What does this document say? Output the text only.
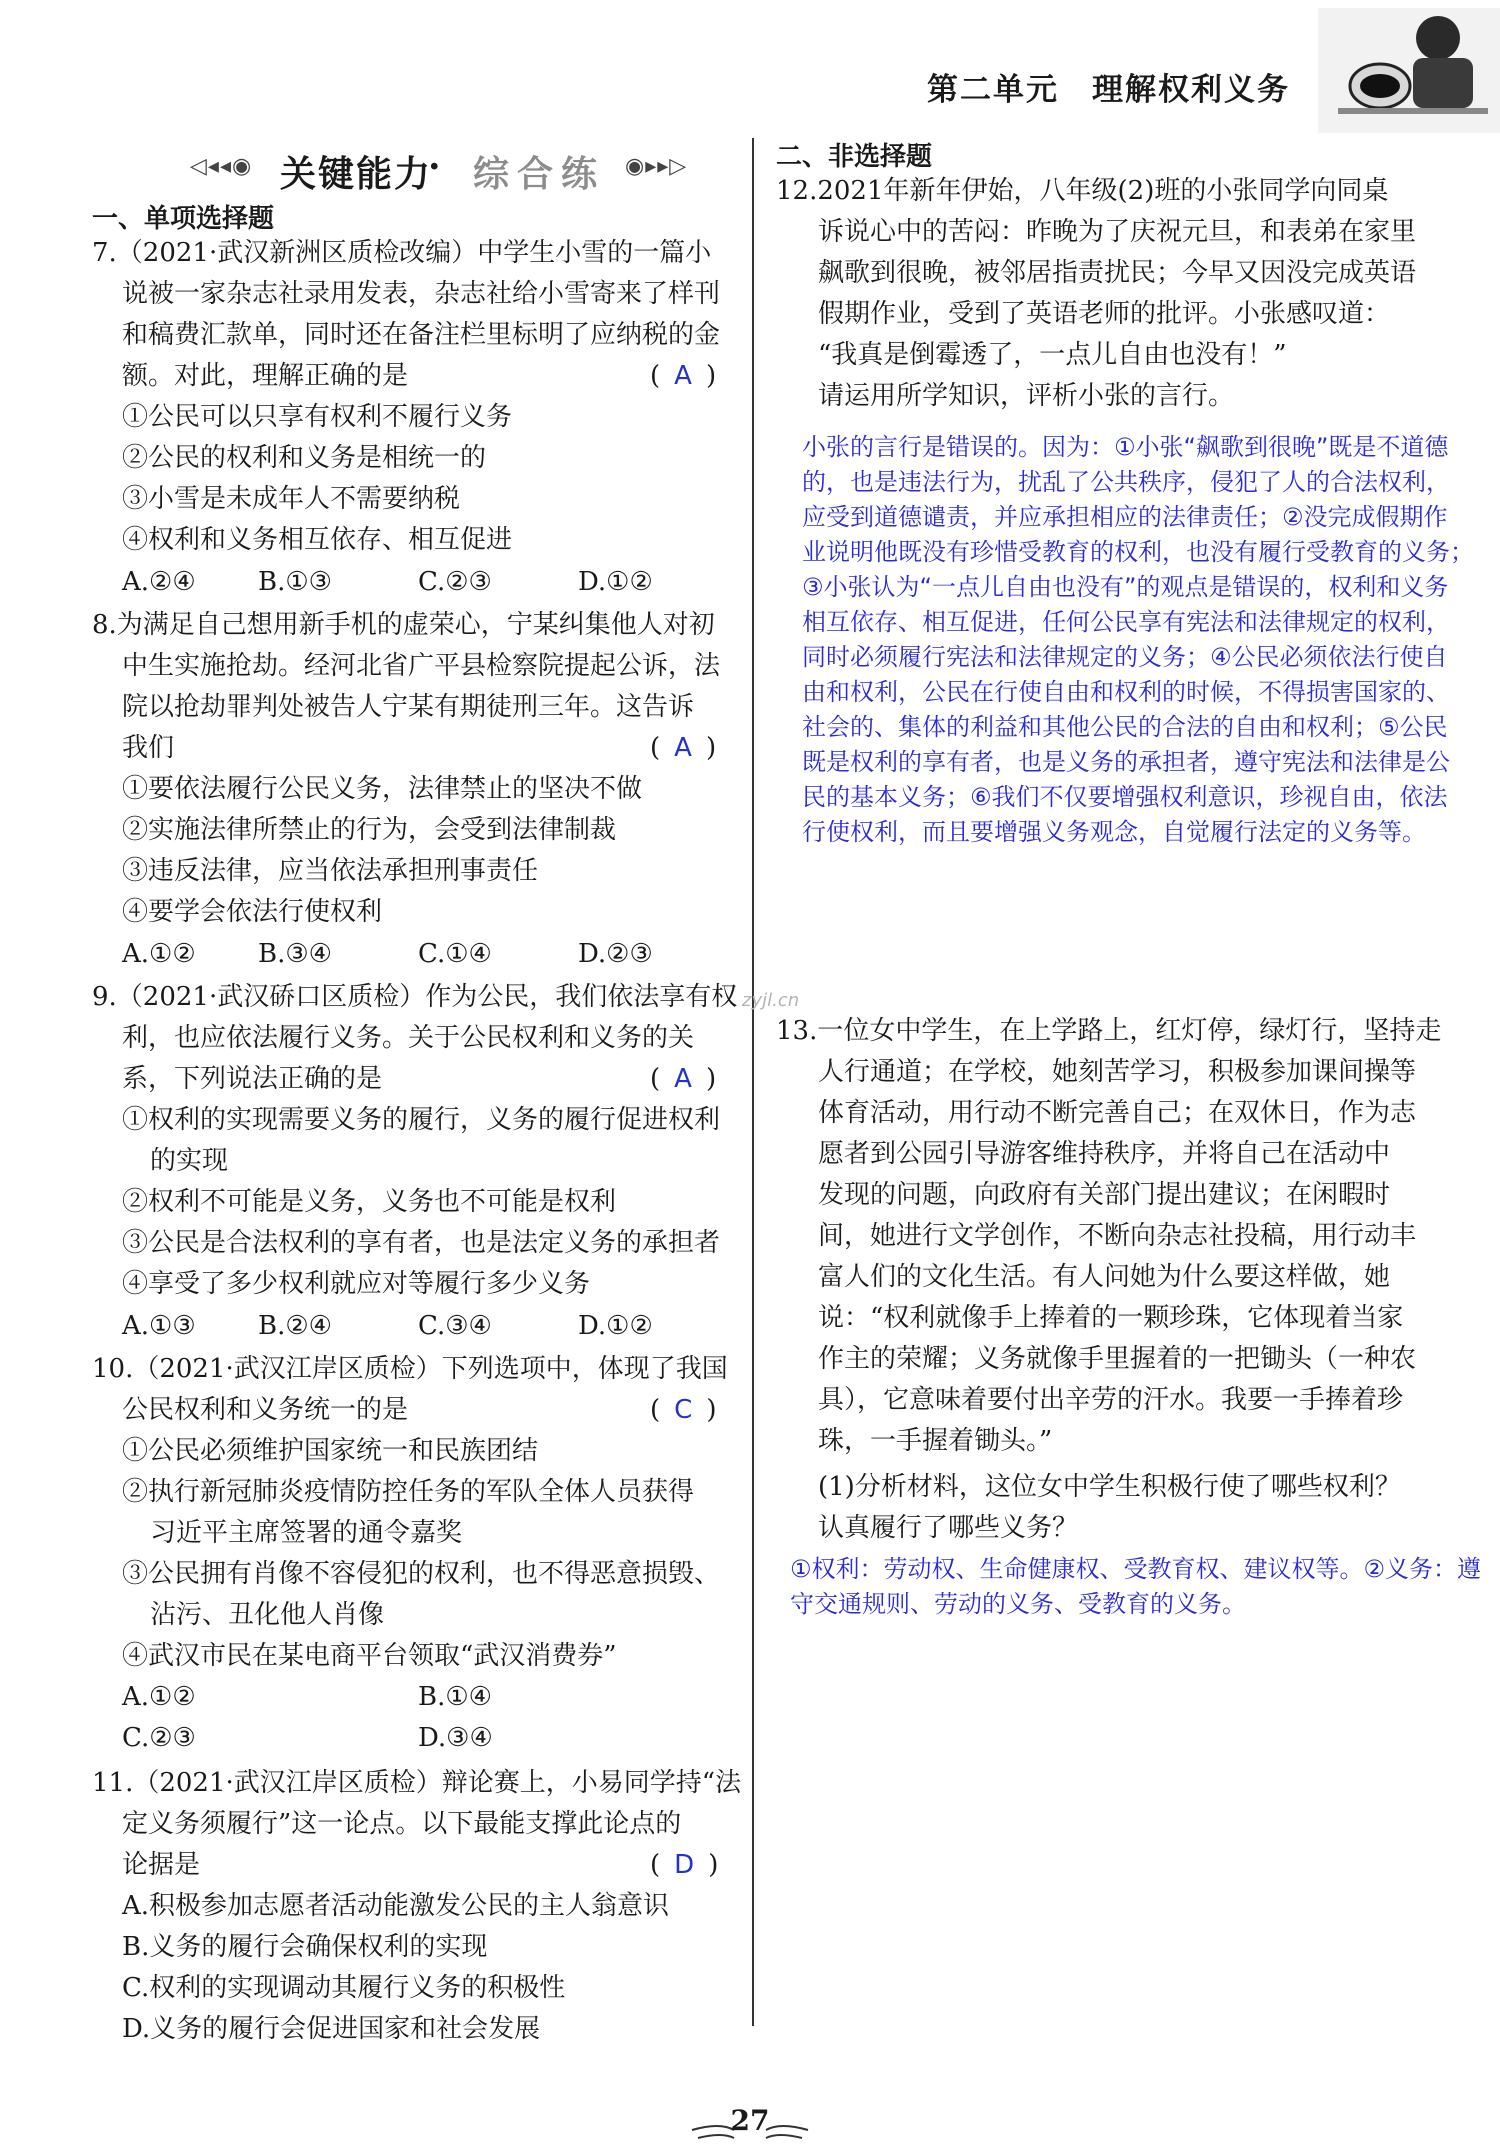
第二单元　理解权利义务
◁◂◂◉ 关键能力
· 综合练 ◉▸▸▷
一、单项选择题
7.（2021·武汉新洲区质检改编）中学生小雪的一篇小
说被一家杂志社录用发表，杂志社给小雪寄来了样刊
和稿费汇款单，同时还在备注栏里标明了应纳税的金
额。对此，理解正确的是	( A )
①公民可以只享有权利不履行义务
②公民的权利和义务是相统一的
③小雪是未成年人不需要纳税
④权利和义务相互依存、相互促进
A.②④ B.①③	C.②③	D.①②
8.为满足自己想用新手机的虚荣心，宁某纠集他人对初
中生实施抢劫。经河北省广平县检察院提起公诉，法
院以抢劫罪判处被告人宁某有期徒刑三年。这告诉
我们	( A )
①要依法履行公民义务，法律禁止的坚决不做
②实施法律所禁止的行为，会受到法律制裁
③违反法律，应当依法承担刑事责任
④要学会依法行使权利
A.①② B.③④	C.①④	D.②③
9.（2021·武汉硚口区质检）作为公民，我们依法享有权
利，也应依法履行义务。关于公民权利和义务的关
系，下列说法正确的是	( A )
①权利的实现需要义务的履行，义务的履行促进权利
的实现
②权利不可能是义务，义务也不可能是权利
③公民是合法权利的享有者，也是法定义务的承担者
④享受了多少权利就应对等履行多少义务
A.①③ B.②④	C.③④	D.①②
10.（2021·武汉江岸区质检）下列选项中，体现了我国
公民权利和义务统一的是	( C )
①公民必须维护国家统一和民族团结
②执行新冠肺炎疫情防控任务的军队全体人员获得
习近平主席签署的通令嘉奖
③公民拥有肖像不容侵犯的权利，也不得恶意损毁、
沾污、丑化他人肖像
④武汉市民在某电商平台领取“武汉消费券”
A.①②	B.①④
C.②③	D.③④
11.（2021·武汉江岸区质检）辩论赛上，小易同学持“法
定义务须履行”这一论点。以下最能支撑此论点的
论据是	( D )
A.积极参加志愿者活动能激发公民的主人翁意识
B.义务的履行会确保权利的实现
C.权利的实现调动其履行义务的积极性
D.义务的履行会促进国家和社会发展
二、非选择题
12.2021年新年伊始，八年级(2)班的小张同学向同桌
诉说心中的苦闷：昨晚为了庆祝元旦，和表弟在家里
飙歌到很晚，被邻居指责扰民；今早又因没完成英语
假期作业，受到了英语老师的批评。小张感叹道：
“我真是倒霉透了，一点儿自由也没有！”
请运用所学知识，评析小张的言行。
小张的言行是错误的。因为：①小张“飙歌到很晚”既是不道德
的，也是违法行为，扰乱了公共秩序，侵犯了人的合法权利，
应受到道德谴责，并应承担相应的法律责任；②没完成假期作
业说明他既没有珍惜受教育的权利，也没有履行受教育的义务；
③小张认为“一点儿自由也没有”的观点是错误的，权利和义务
相互依存、相互促进，任何公民享有宪法和法律规定的权利，
同时必须履行宪法和法律规定的义务；④公民必须依法行使自
由和权利，公民在行使自由和权利的时候，不得损害国家的、
社会的、集体的利益和其他公民的合法的自由和权利；⑤公民
既是权利的享有者，也是义务的承担者，遵守宪法和法律是公
民的基本义务；⑥我们不仅要增强权利意识，珍视自由，依法
行使权利，而且要增强义务观念，自觉履行法定的义务等。
zyjl.cn
13.一位女中学生，在上学路上，红灯停，绿灯行，坚持走
人行通道；在学校，她刻苦学习，积极参加课间操等
体育活动，用行动不断完善自己；在双休日，作为志
愿者到公园引导游客维持秩序，并将自己在活动中
发现的问题，向政府有关部门提出建议；在闲暇时
间，她进行文学创作，不断向杂志社投稿，用行动丰
富人们的文化生活。有人问她为什么要这样做，她
说：“权利就像手上捧着的一颗珍珠，它体现着当家
作主的荣耀；义务就像手里握着的一把锄头（一种农
具），它意味着要付出辛劳的汗水。我要一手捧着珍
珠，一手握着锄头。”
(1)分析材料，这位女中学生积极行使了哪些权利？
认真履行了哪些义务？
①权利：劳动权、生命健康权、受教育权、建议权等。②义务：遵
守交通规则、劳动的义务、受教育的义务。
27
